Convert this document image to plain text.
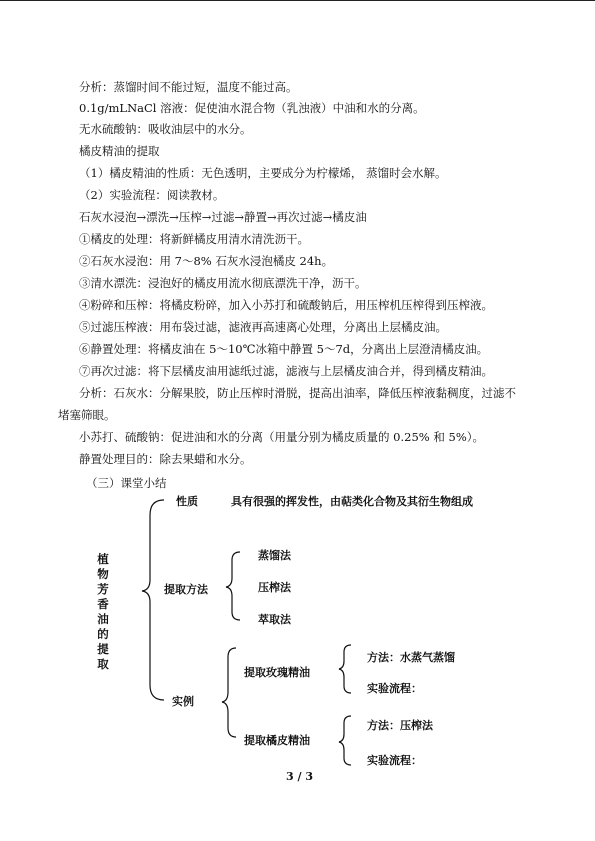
分析：蒸馏时间不能过短，温度不能过高。
0.1g/mLNaCl 溶液：促使油水混合物（乳浊液）中油和水的分离。
无水硫酸钠：吸收油层中的水分。
橘皮精油的提取
（1）橘皮精油的性质：无色透明，主要成分为柠檬烯， 蒸馏时会水解。
（2）实验流程：阅读教材。
石灰水浸泡→漂洗→压榨→过滤→静置→再次过滤→橘皮油
①橘皮的处理：将新鲜橘皮用清水清洗沥干。
②石灰水浸泡：用 7～8% 石灰水浸泡橘皮 24h。
③清水漂洗：浸泡好的橘皮用流水彻底漂洗干净，沥干。
④粉碎和压榨：将橘皮粉碎，加入小苏打和硫酸钠后，用压榨机压榨得到压榨液。
⑤过滤压榨液：用布袋过滤，滤液再高速离心处理，分离出上层橘皮油。
⑥静置处理：将橘皮油在 5～10℃冰箱中静置 5～7d，分离出上层澄清橘皮油。
⑦再次过滤：将下层橘皮油用滤纸过滤，滤液与上层橘皮油合并，得到橘皮精油。
分析：石灰水：分解果胶，防止压榨时滑脱，提高出油率，降低压榨液黏稠度，过滤不
堵塞筛眼。
小苏打、硫酸钠：促进油和水的分离（用量分别为橘皮质量的 0.25% 和 5%）。
静置处理目的：除去果蜡和水分。
（三）课堂小结
植
物
芳
香
油
的
提
取
性质	具有很强的挥发性，由萜类化合物及其衍生物组成
提取方法
蒸馏法
压榨法
萃取法
实例
提取玫瑰精油
提取橘皮精油
方法：水蒸气蒸馏
实验流程：
方法：压榨法
实验流程：
3 / 3
